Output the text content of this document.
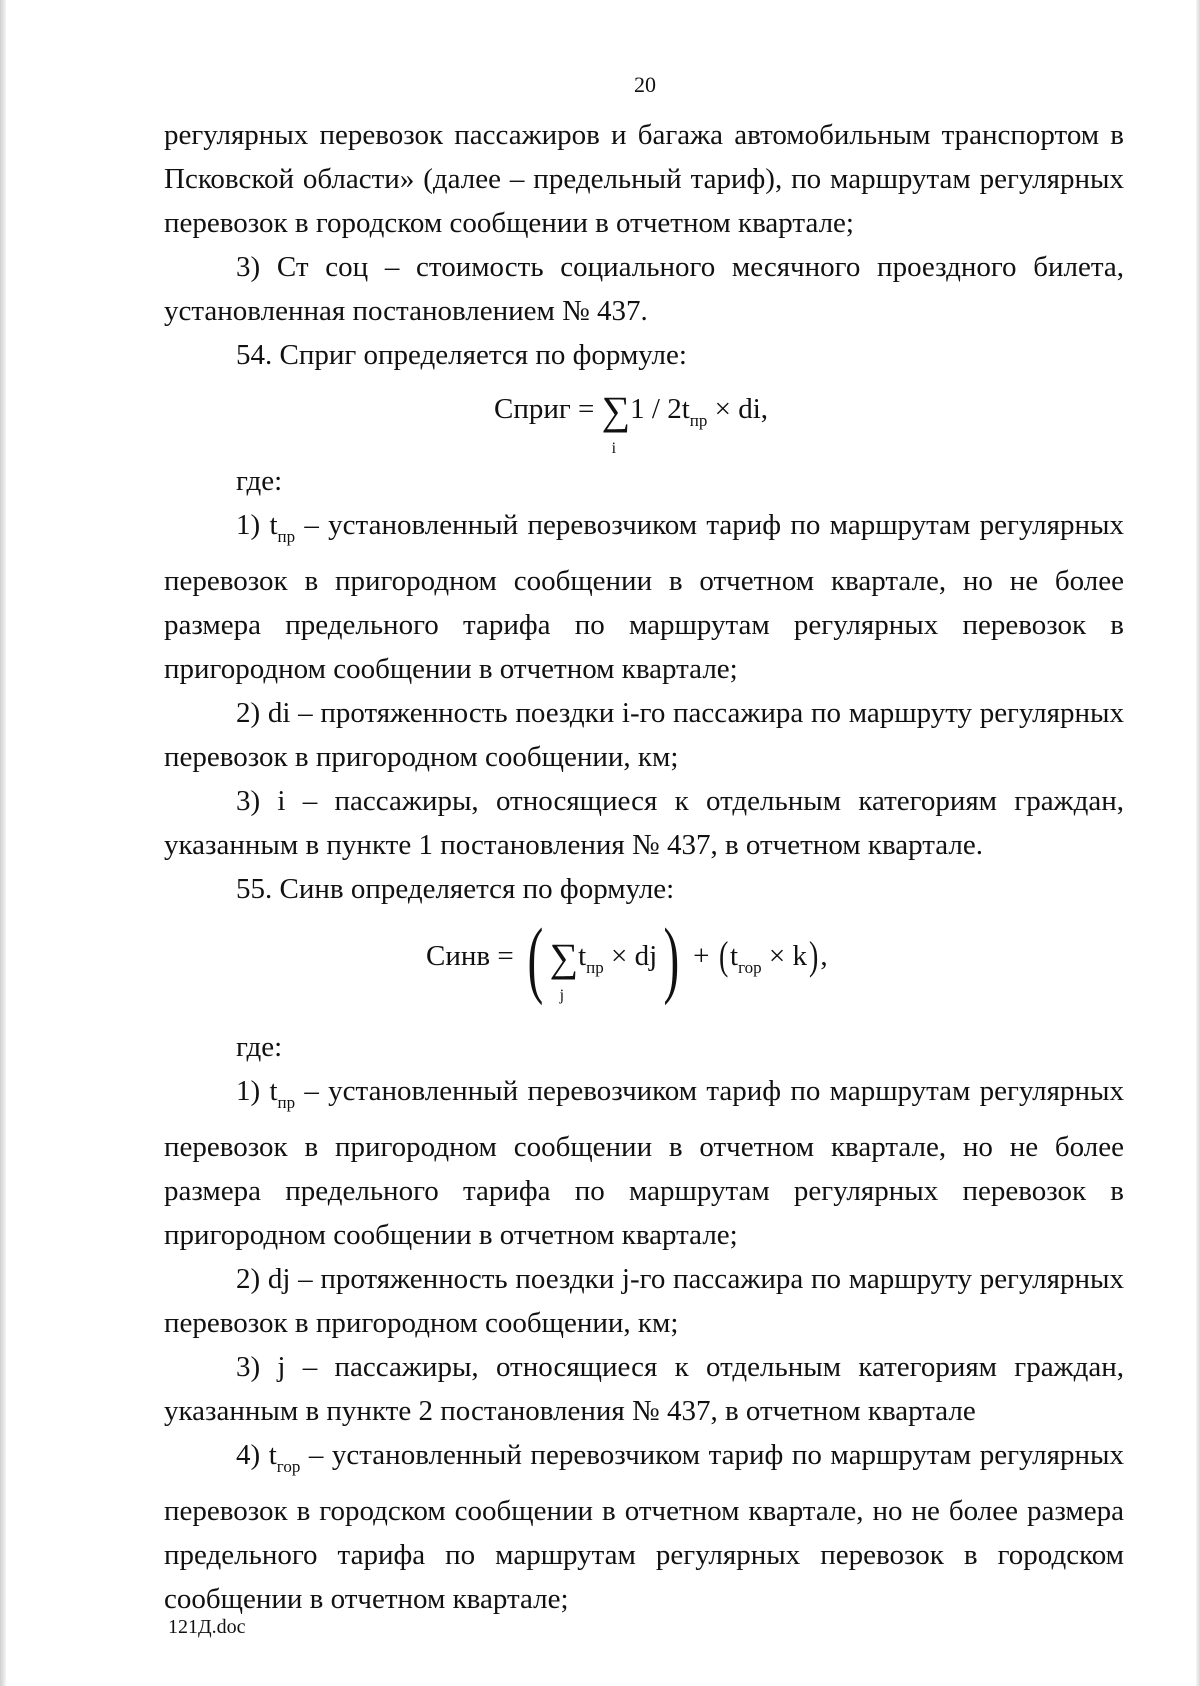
20

регулярных перевозок пассажиров и багажа автомобильным транспортом в Псковской области» (далее – предельный тариф), по маршрутам регулярных перевозок в городском сообщении в отчетном квартале;

3) Ст соц – стоимость социального месячного проездного билета, установленная постановлением № 437.

54. Сприг определяется по формуле:

Сприг = ∑
i
$1 / 2t_{пр}$ × di,

где:

1) $t_{пр}$ – установленный перевозчиком тариф по маршрутам регулярных перевозок в пригородном сообщении в отчетном квартале, но не более размера предельного тарифа по маршрутам регулярных перевозок в пригородном сообщении в отчетном квартале;

2) di – протяженность поездки i-го пассажира по маршруту регулярных перевозок в пригородном сообщении, км;

3) i – пассажиры, относящиеся к отдельным категориям граждан, указанным в пункте 1 постановления № 437, в отчетном квартале.

55. Синв определяется по формуле:

Синв = ( ∑
j
$t_{пр} \times dj) + (t_{гор} \times k)$,

где:

1) $t_{пр}$ – установленный перевозчиком тариф по маршрутам регулярных перевозок в пригородном сообщении в отчетном квартале, но не более размера предельного тарифа по маршрутам регулярных перевозок в пригородном сообщении в отчетном квартале;

2) dj – протяженность поездки j-го пассажира по маршруту регулярных перевозок в пригородном сообщении, км;

3) j – пассажиры, относящиеся к отдельным категориям граждан, указанным в пункте 2 постановления № 437, в отчетном квартале

4) $t_{гор}$ – установленный перевозчиком тариф по маршрутам регулярных перевозок в городском сообщении в отчетном квартале, но не более размера предельного тарифа по маршрутам регулярных перевозок в городском сообщении в отчетном квартале;

121Д.doc
